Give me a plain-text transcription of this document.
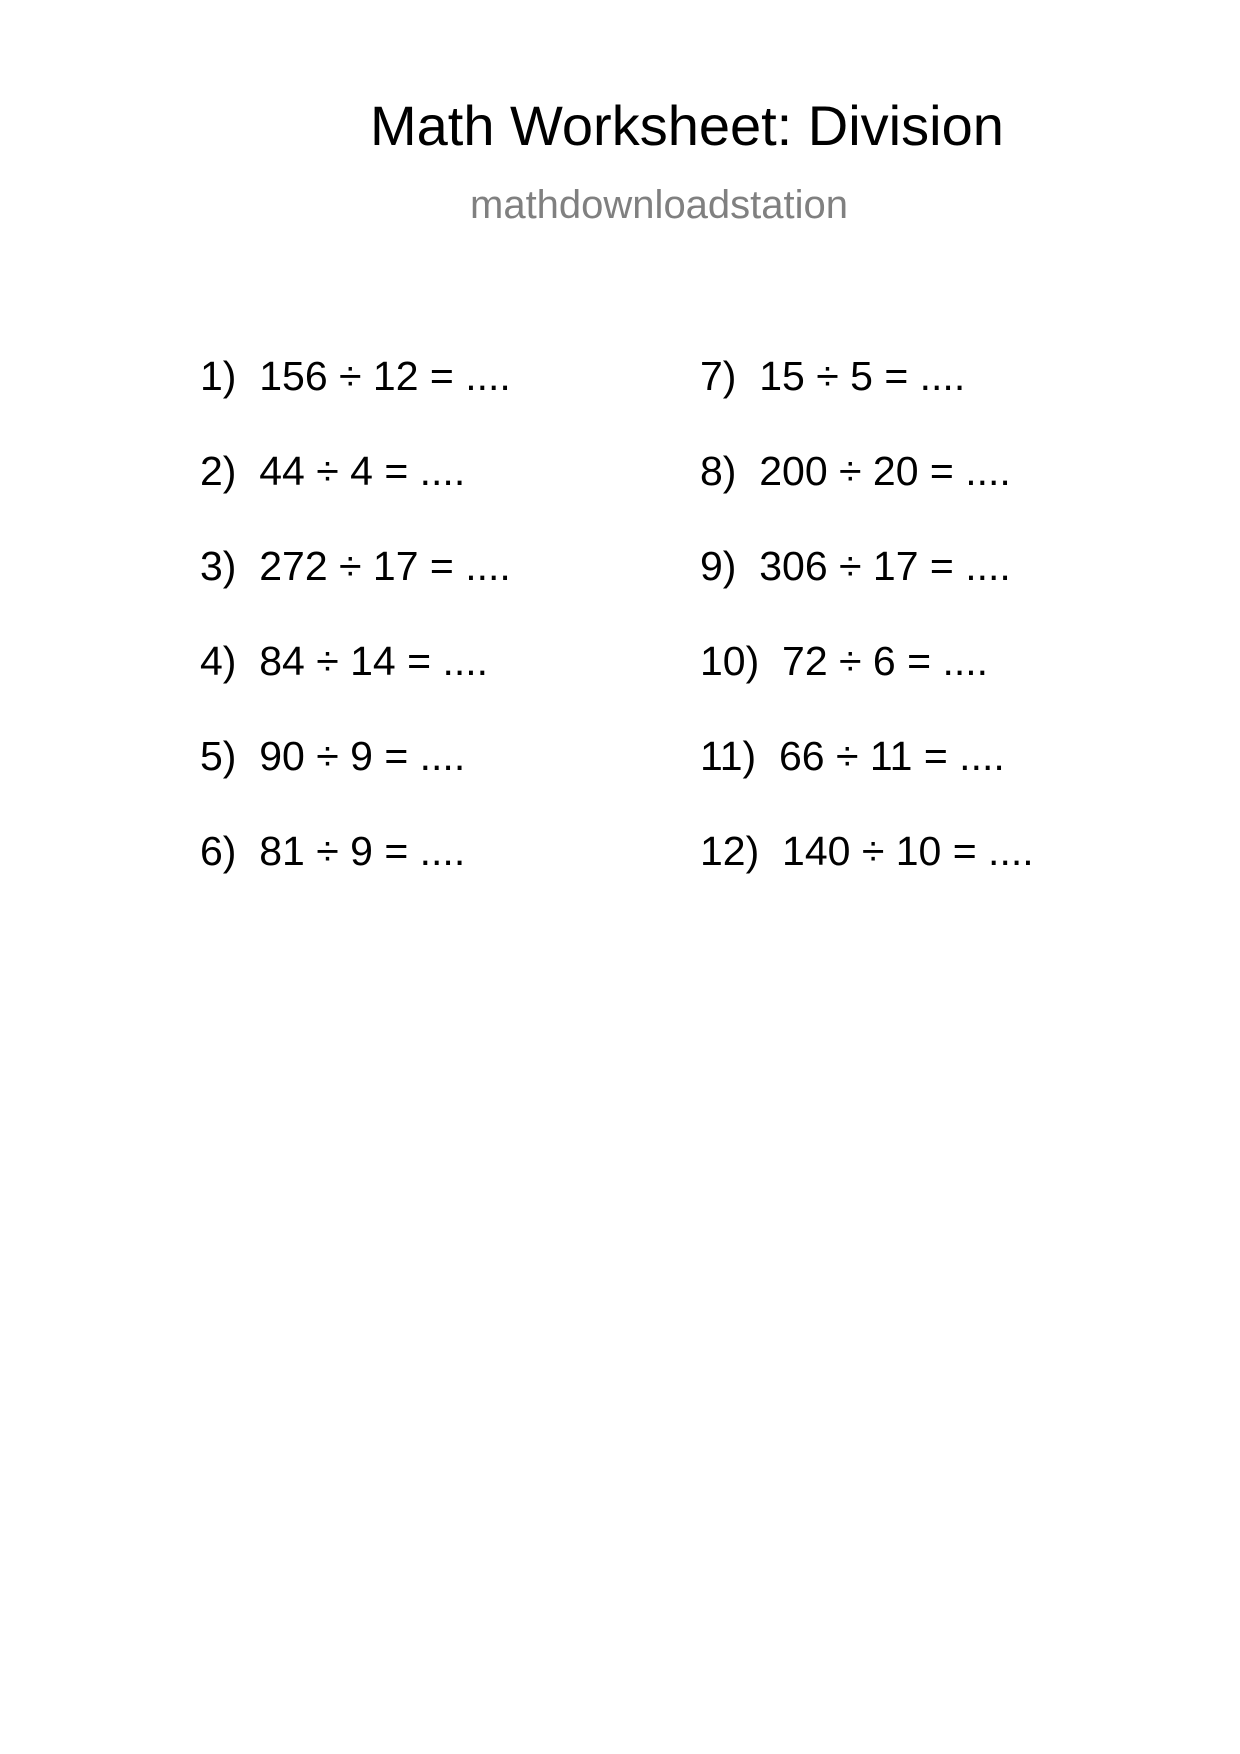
Math Worksheet: Division
mathdownloadstation
1)  156 ÷ 12 = ....
2)  44 ÷ 4 = ....
3)  272 ÷ 17 = ....
4)  84 ÷ 14 = ....
5)  90 ÷ 9 = ....
6)  81 ÷ 9 = ....
7)  15 ÷ 5 = ....
8)  200 ÷ 20 = ....
9)  306 ÷ 17 = ....
10)  72 ÷ 6 = ....
11)  66 ÷ 11 = ....
12)  140 ÷ 10 = ....
